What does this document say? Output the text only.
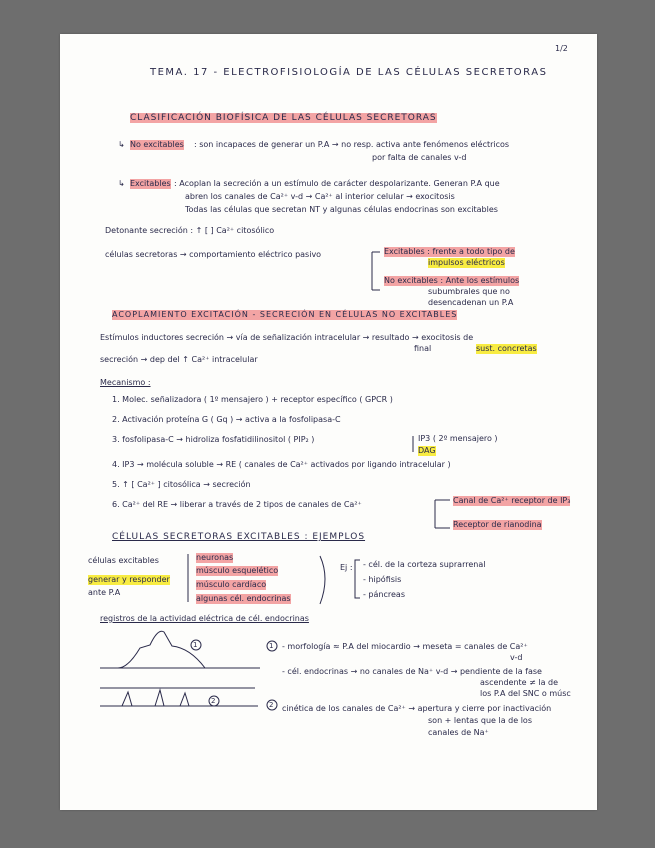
1/2
TEMA. 17 - ELECTROFISIOLOGÍA DE LAS CÉLULAS SECRETORAS
CLASIFICACIÓN BIOFÍSICA DE LAS CÉLULAS SECRETORAS
↳ No excitables : son incapaces de generar un P.A → no resp. activa ante fenómenos eléctricos
por falta de canales v-d
↳ Excitables : Acoplan la secreción a un estímulo de carácter despolarizante. Generan P.A que
abren los canales de Ca²⁺ v-d → Ca²⁺ al interior celular → exocitosis
Todas las células que secretan NT y algunas células endocrinas son excitables
Detonante secreción : ↑ [ ] Ca²⁺ citosólico
células secretoras → comportamiento eléctrico pasivo	Excitables : frente a todo tipo de
impulsos eléctricos
No excitables : Ante los estímulos
subumbrales que no
desencadenan un P.A
ACOPLAMIENTO EXCITACIÓN - SECRECIÓN EN CÉLULAS NO EXCITABLES
Estímulos inductores secreción → vía de señalización intracelular → resultado → exocitosis de
final	sust. concretas
secreción → dep del ↑ Ca²⁺ intracelular
Mecanismo :
1. Molec. señalizadora ( 1º mensajero ) + receptor específico ( GPCR )
2. Activación proteína G ( Gq ) → activa a la fosfolipasa-C
3. fosfolipasa-C → hidroliza fosfatidilinositol ( PIP₂ )	IP3 ( 2º mensajero )
DAG
4. IP3 → molécula soluble → RE ( canales de Ca²⁺ activados por ligando intracelular )
5. ↑ [ Ca²⁺ ] citosólica → secreción
6. Ca²⁺ del RE → liberar a través de 2 tipos de canales de Ca²⁺	Canal de Ca²⁺ receptor de IP₃
Receptor de rianodina
CÉLULAS SECRETORAS EXCITABLES : EJEMPLOS
células excitables
generar y responder
ante P.A
neuronas
músculo esquelético
músculo cardíaco
algunas cél. endocrinas
Ej : - cél. de la corteza suprarrenal
- hipófisis
- páncreas
registros de la actividad eléctrica de cél. endocrinas
1
2
1
2
- morfología ≈ P.A del miocardio → meseta = canales de Ca²⁺
v-d
- cél. endocrinas → no canales de Na⁺ v-d → pendiente de la fase
ascendente ≠ la de
los P.A del SNC o músc
cinética de los canales de Ca²⁺ → apertura y cierre por inactivación
son + lentas que la de los
canales de Na⁺
